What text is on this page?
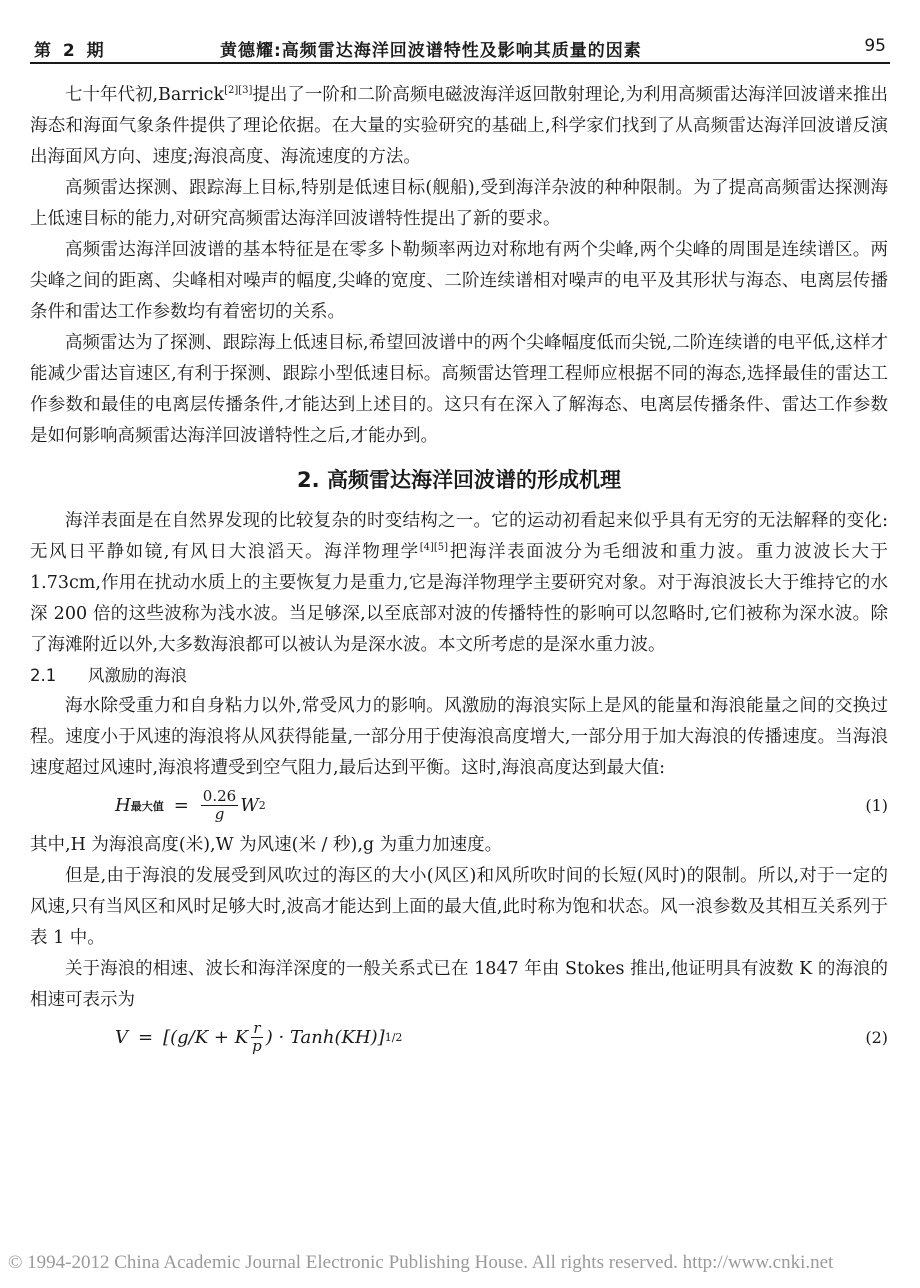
第 2 期	黄德耀:高频雷达海洋回波谱特性及影响其质量的因素	95

七十年代初,Barrick[2][3]提出了一阶和二阶高频电磁波海洋返回散射理论,为利用高频雷达海洋回波谱来推出海态和海面气象条件提供了理论依据。在大量的实验研究的基础上,科学家们找到了从高频雷达海洋回波谱反演出海面风方向、速度;海浪高度、海流速度的方法。

高频雷达探测、跟踪海上目标,特别是低速目标(舰船),受到海洋杂波的种种限制。为了提高高频雷达探测海上低速目标的能力,对研究高频雷达海洋回波谱特性提出了新的要求。

高频雷达海洋回波谱的基本特征是在零多卜勒频率两边对称地有两个尖峰,两个尖峰的周围是连续谱区。两尖峰之间的距离、尖峰相对噪声的幅度,尖峰的宽度、二阶连续谱相对噪声的电平及其形状与海态、电离层传播条件和雷达工作参数均有着密切的关系。

高频雷达为了探测、跟踪海上低速目标,希望回波谱中的两个尖峰幅度低而尖锐,二阶连续谱的电平低,这样才能减少雷达盲速区,有利于探测、跟踪小型低速目标。高频雷达管理工程师应根据不同的海态,选择最佳的雷达工作参数和最佳的电离层传播条件,才能达到上述目的。这只有在深入了解海态、电离层传播条件、雷达工作参数是如何影响高频雷达海洋回波谱特性之后,才能办到。

2. 高频雷达海洋回波谱的形成机理

海洋表面是在自然界发现的比较复杂的时变结构之一。它的运动初看起来似乎具有无穷的无法解释的变化:无风日平静如镜,有风日大浪滔天。海洋物理学[4][5]把海洋表面波分为毛细波和重力波。重力波波长大于 1.73cm,作用在扰动水质上的主要恢复力是重力,它是海洋物理学主要研究对象。对于海浪波长大于维持它的水深 200 倍的这些波称为浅水波。当足够深,以至底部对波的传播特性的影响可以忽略时,它们被称为深水波。除了海滩附近以外,大多数海浪都可以被认为是深水波。本文所考虑的是深水重力波。

2.1 风激励的海浪

海水除受重力和自身粘力以外,常受风力的影响。风激励的海浪实际上是风的能量和海浪能量之间的交换过程。速度小于风速的海浪将从风获得能量,一部分用于使海浪高度增大,一部分用于加大海浪的传播速度。当海浪速度超过风速时,海浪将遭受到空气阻力,最后达到平衡。这时,海浪高度达到最大值:

H 最大值 = $\frac{0.26}{g}$ W 2	(1)

其中,H 为海浪高度(米),W 为风速(米 / 秒),g 为重力加速度。

但是,由于海浪的发展受到风吹过的海区的大小(风区)和风所吹时间的长短(风时)的限制。所以,对于一定的风速,只有当风区和风时足够大时,波高才能达到上面的最大值,此时称为饱和状态。风一浪参数及其相互关系列于表 1 中。

关于海浪的相速、波长和海洋深度的一般关系式已在 1847 年由 Stokes 推出,他证明具有波数 K 的海浪的相速可表示为

V = [(g/K + K $\frac{r}{p}$ ) · Tanh(KH)] 1/2	(2)
© 1994-2012 China Academic Journal Electronic Publishing House. All rights reserved. http://www.cnki.net
